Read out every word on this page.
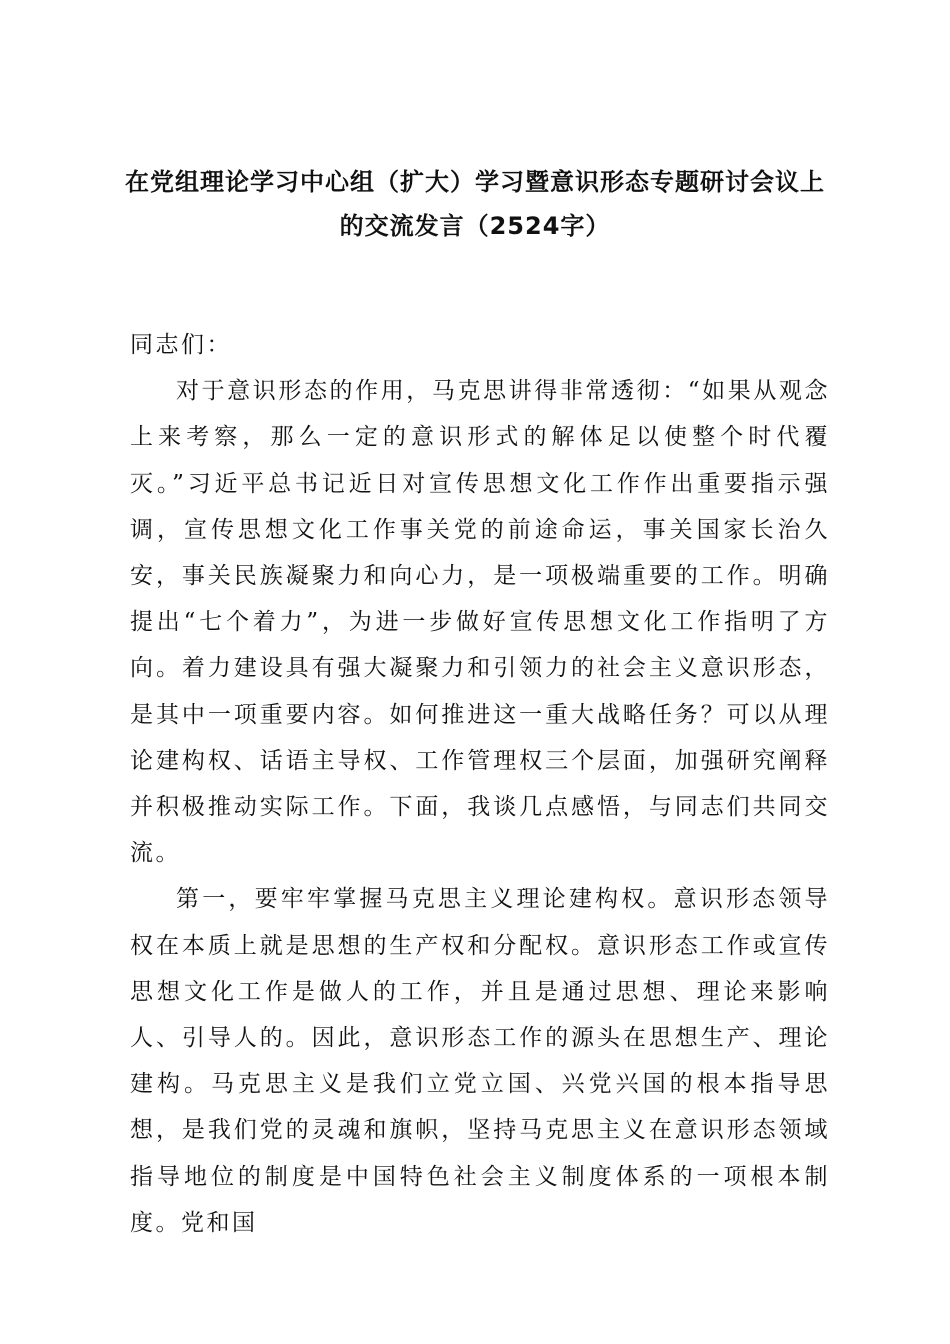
在党组理论学习中心组（扩大）学习暨意识形态专题研讨会议上
的交流发言（2524字）

同志们：

对于意识形态的作用，马克思讲得非常透彻：“如果从观念上来考察，那么一定的意识形式的解体足以使整个时代覆灭。”习近平总书记近日对宣传思想文化工作作出重要指示强调，宣传思想文化工作事关党的前途命运，事关国家长治久安，事关民族凝聚力和向心力，是一项极端重要的工作。明确提出“七个着力”，为进一步做好宣传思想文化工作指明了方向。着力建设具有强大凝聚力和引领力的社会主义意识形态，是其中一项重要内容。如何推进这一重大战略任务？可以从理论建构权、话语主导权、工作管理权三个层面，加强研究阐释并积极推动实际工作。下面，我谈几点感悟，与同志们共同交流。

第一，要牢牢掌握马克思主义理论建构权。意识形态领导权在本质上就是思想的生产权和分配权。意识形态工作或宣传思想文化工作是做人的工作，并且是通过思想、理论来影响人、引导人的。因此，意识形态工作的源头在思想生产、理论建构。马克思主义是我们立党立国、兴党兴国的根本指导思想，是我们党的灵魂和旗帜，坚持马克思主义在意识形态领域指导地位的制度是中国特色社会主义制度体系的一项根本制度。党和国
